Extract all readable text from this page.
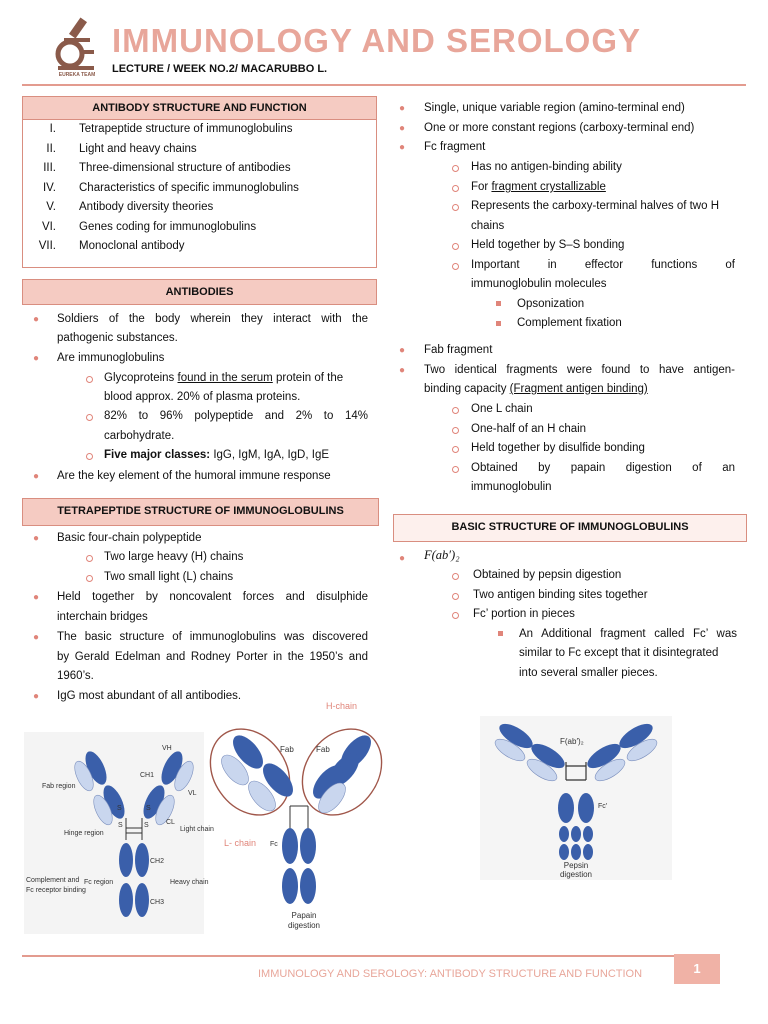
EUREKA TEAM
IMMUNOLOGY AND SEROLOGY
LECTURE / WEEK NO.2/ MACARUBBO L.
ANTIBODY STRUCTURE AND FUNCTION
I. Tetrapeptide structure of immunoglobulins
II. Light and heavy chains
III. Three-dimensional structure of antibodies
IV. Characteristics of specific immunoglobulins
V. Antibody diversity theories
VI. Genes coding for immunoglobulins
VII. Monoclonal antibody
ANTIBODIES
● Soldiers of the body wherein they interact with the
pathogenic substances.
● Are immunoglobulins
Glycoproteins found in the serum protein of the
blood approx. 20% of plasma proteins.
82% to 96% polypeptide and 2% to 14%
carbohydrate.
Five major classes: IgG, IgM, IgA, IgD, IgE
● Are the key element of the humoral immune response
TETRAPEPTIDE STRUCTURE OF IMMUNOGLOBULINS
● Basic four-chain polypeptide
Two large heavy (H) chains
Two small light (L) chains
● Held together by noncovalent forces and disulphide
interchain bridges
● The basic structure of immunoglobulins was discovered
by Gerald Edelman and Rodney Porter in the 1950’s and
1960’s.
● IgG most abundant of all antibodies.
● Single, unique variable region (amino-terminal end)
● One or more constant regions (carboxy-terminal end)
● Fc fragment
Has no antigen-binding ability
For fragment crystallizable
Represents the carboxy-terminal halves of two H
chains
Held together by S–S bonding
Important in effector functions of
immunoglobulin molecules
Opsonization
Complement fixation
● Fab fragment
● Two identical fragments were found to have antigen-
binding capacity (Fragment antigen binding)
One L chain
One-half of an H chain
Held together by disulfide bonding
Obtained by papain digestion of an
immunoglobulin
BASIC STRUCTURE OF IMMUNOGLOBULINS
● F(ab′)₂
Obtained by pepsin digestion
Two antigen binding sites together
Fc’ portion in pieces
An Additional fragment called Fc’ was
similar to Fc except that it disintegrated
into several smaller pieces.
VH
CH1
VL
CL
Fab region
Hinge region
Light chain
CH2
CH3
Fc region	Heavy chain
Complement and
Fc receptor binding
S	S
S	S
H-chain
Fab	Fab
L- chain Fc
Papain
digestion
F(ab′)₂
Fc′
Pepsin
digestion
IMMUNOLOGY AND SEROLOGY: ANTIBODY STRUCTURE AND FUNCTION	1
